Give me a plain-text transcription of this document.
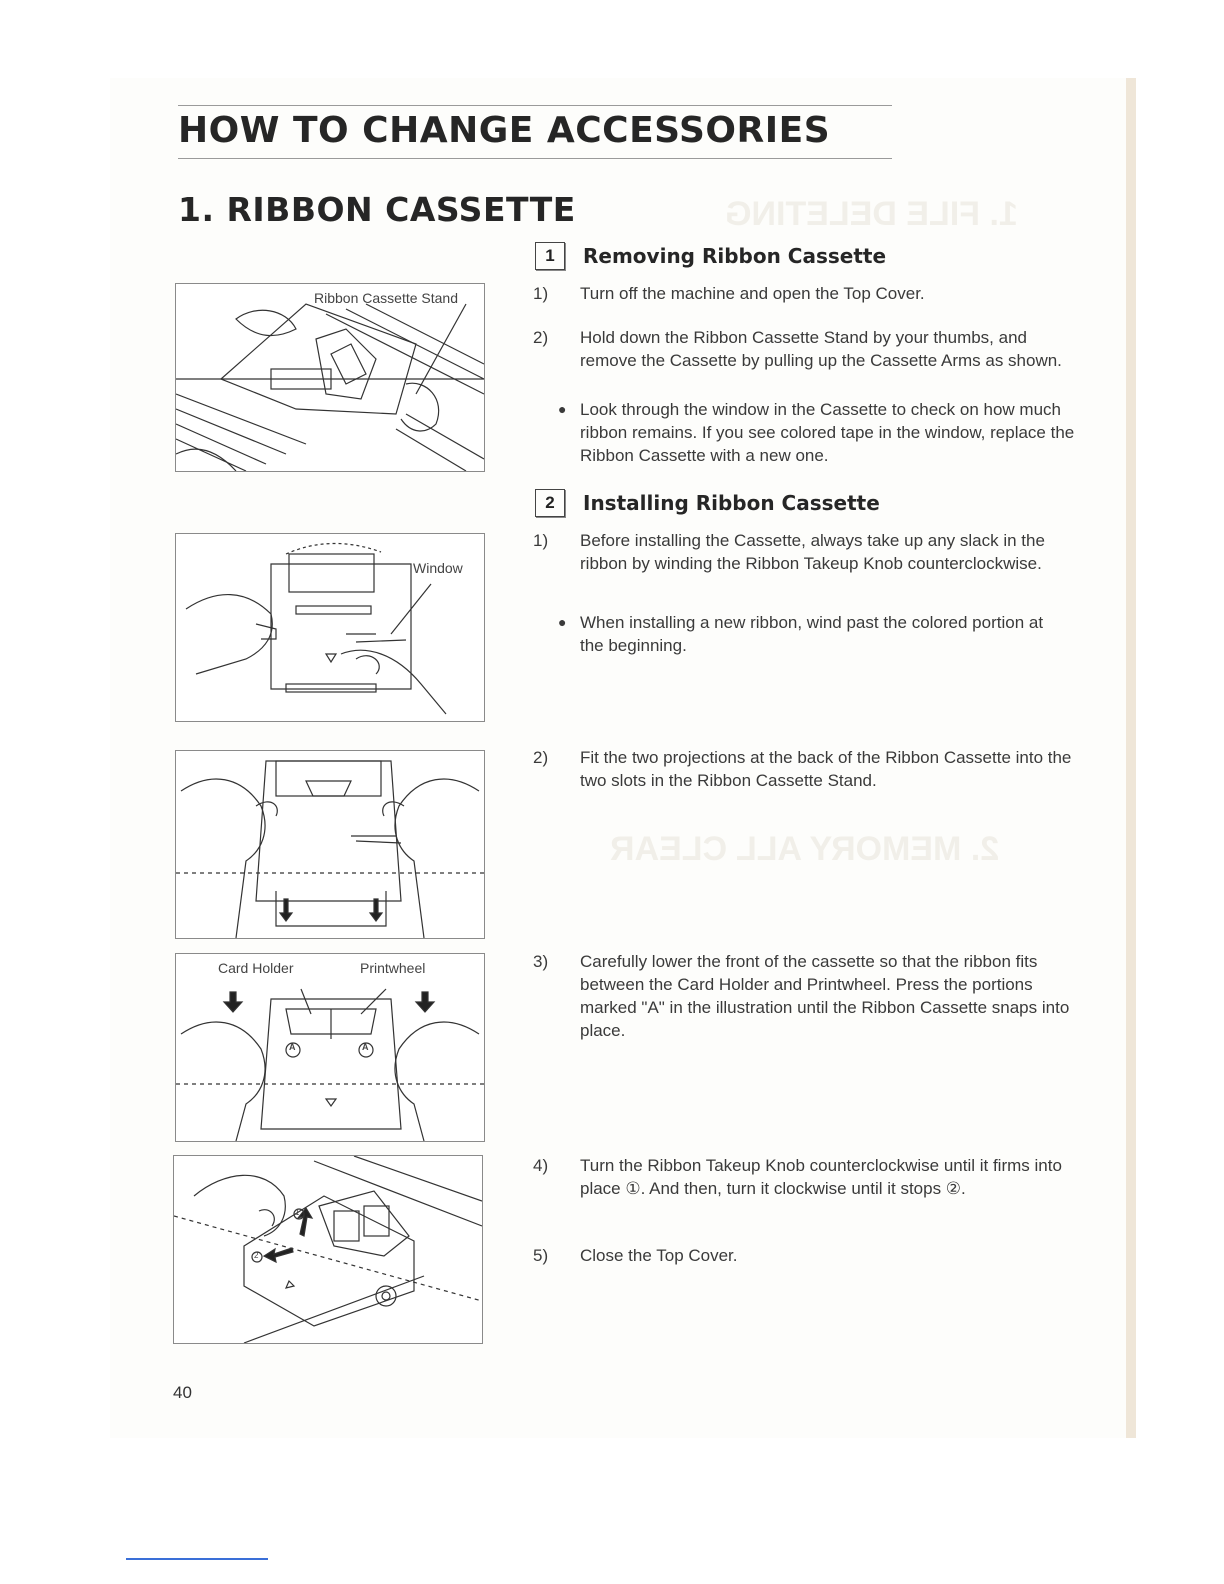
1. FILE DELETING
2. MEMORY ALL CLEAR
HOW TO CHANGE ACCESSORIES
1. RIBBON CASSETTE
Ribbon Cassette Stand
Window
Card Holder	Printwheel
A	A
1
2
1	Removing Ribbon Cassette
1) Turn off the machine and open the Top Cover.
2) Hold down the Ribbon Cassette Stand by your thumbs, and remove the Cassette by pulling up the Cassette Arms as shown.
● Look through the window in the Cassette to check on how much ribbon remains. If you see colored tape in the window, replace the Ribbon Cassette with a new one.
2	Installing Ribbon Cassette
1) Before installing the Cassette, always take up any slack in the ribbon by winding the Ribbon Takeup Knob counterclockwise.
● When installing a new ribbon, wind past the colored portion at the beginning.
2) Fit the two projections at the back of the Ribbon Cassette into the two slots in the Ribbon Cassette Stand.
3) Carefully lower the front of the cassette so that the ribbon fits between the Card Holder and Printwheel. Press the portions marked "A" in the illustration until the Ribbon Cassette snaps into place.
4) Turn the Ribbon Takeup Knob counterclockwise until it firms into place ①. And then, turn it clockwise until it stops ②.
5) Close the Top Cover.
40
